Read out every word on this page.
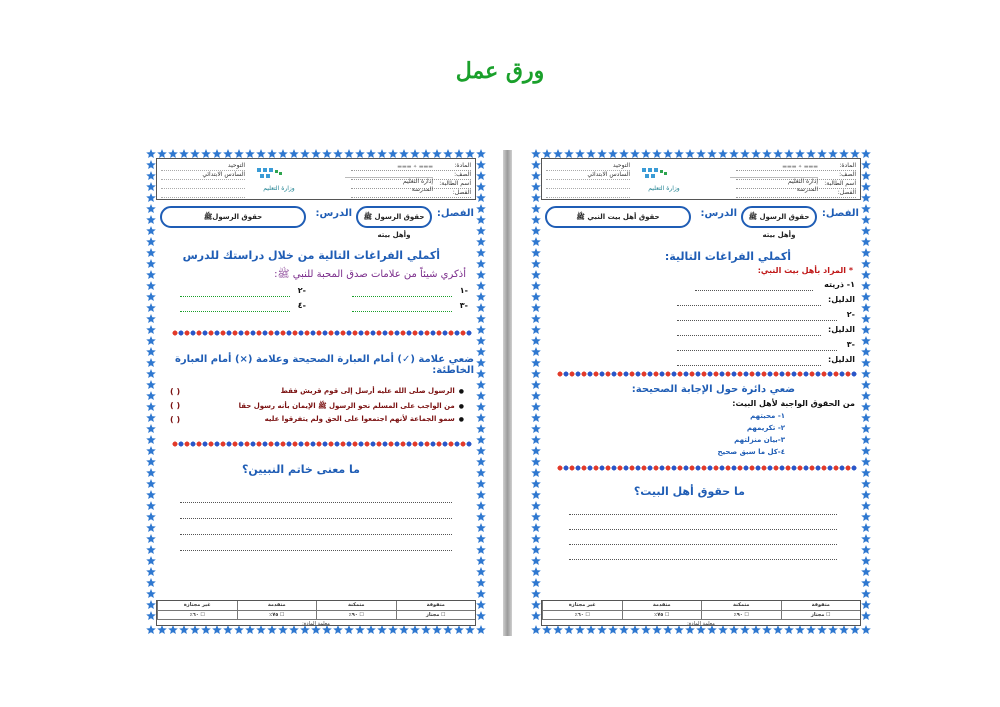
ورق عمل
المادة:
الصف:
اسم الطالبة:
الفصل:
وزارة التعليم
التوحيد
السادس الابتدائي
▬▬▬ ✦ ▬▬▬
إدارة التعليم
المدرسة
الفصل:
حقوق الرسول ﷺ وأهل بيته
الدرس:
حقوق الرسولﷺ
أكملي الفراغات التالية من خلال دراستك للدرس
أذكري شيئاً من علامات صدق المحبة للنبي ﷺ:
-١
-٢
-٣
-٤
ضعي علامة (✓) أمام العبارة الصحيحة وعلامة (×) أمام العبارة الخاطئة:
● الرسول صلى الله عليه أرسل إلى قوم قريش فقط
( )
● من الواجب على المسلم نحو الرسول ﷺ الإيمان بأنه رسول حقا
( )
● سمو الجماعة لأنهم اجتمعوا على الحق ولم يتفرقوا عليه
( )
ما معنى خاتم النبيين؟
متفوقة
متمكنة
متقدمة
غير مجتازة
☐ مجتاز
☐ ٩٠٪
☐ ٧٥٪
☐ ٦٠٪
معلمة المادة:
المادة:
الصف:
اسم الطالبة:
الفصل:
وزارة التعليم
التوحيد
السادس الابتدائي
▬▬▬ ✦ ▬▬▬
إدارة التعليم
المدرسة
الفصل:
حقوق الرسول ﷺ وأهل بيته
الدرس:
حقوق أهل بيت النبي ﷺ
أكملي الفراغات التالية:
* المراد بأهل بيت النبي:
١- ذريته
الدليل:
-٢
الدليل:
-٣
الدليل:
ضعي دائرة حول الإجابة الصحيحة:
من الحقوق الواجبة لأهل البيت:
١- محبتهم
٢- تكريمهم
٣-بيان منزلتهم
٤-كل ما سبق صحيح
ما حقوق أهل البيت؟
متفوقة
متمكنة
متقدمة
غير مجتازة
☐ مجتاز
☐ ٩٠٪
☐ ٧٥٪
☐ ٦٠٪
معلمة المادة:
